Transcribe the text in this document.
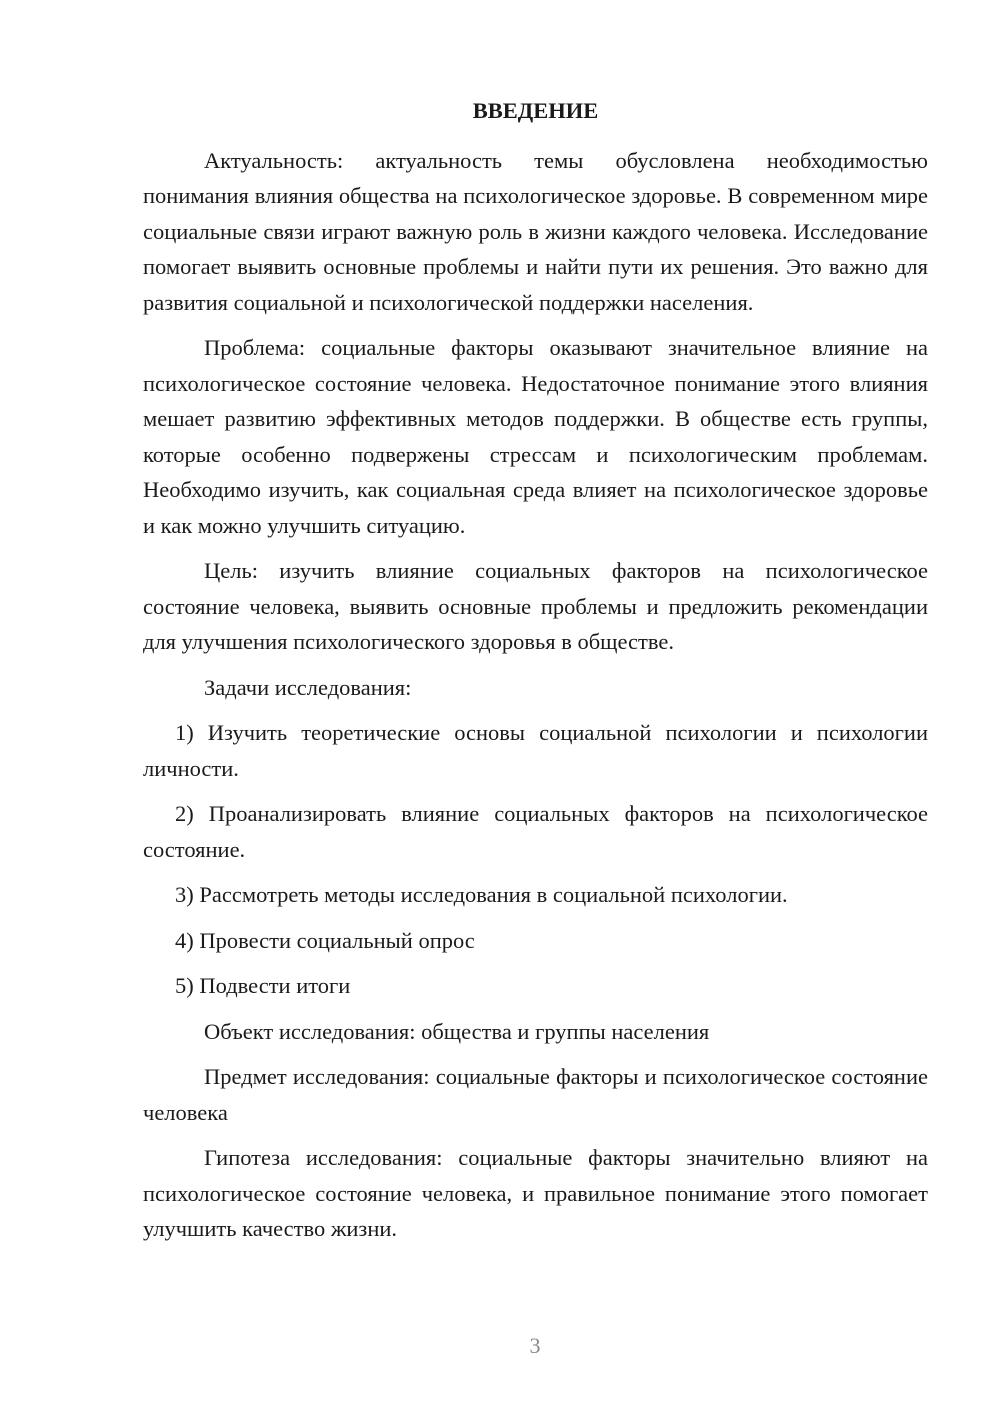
ВВЕДЕНИЕ

Актуальность: актуальность темы обусловлена необходимостью понимания влияния общества на психологическое здоровье. В современном мире социальные связи играют важную роль в жизни каждого человека. Исследование помогает выявить основные проблемы и найти пути их решения. Это важно для развития социальной и психологической поддержки населения.

Проблема: социальные факторы оказывают значительное влияние на психологическое состояние человека. Недостаточное понимание этого влияния мешает развитию эффективных методов поддержки. В обществе есть группы, которые особенно подвержены стрессам и психологическим проблемам. Необходимо изучить, как социальная среда влияет на психологическое здоровье и как можно улучшить ситуацию.

Цель: изучить влияние социальных факторов на психологическое состояние человека, выявить основные проблемы и предложить рекомендации для улучшения психологического здоровья в обществе.

Задачи исследования:

1) Изучить теоретические основы социальной психологии и психологии личности.

2) Проанализировать влияние социальных факторов на психологическое состояние.

3) Рассмотреть методы исследования в социальной психологии.

4) Провести социальный опрос

5) Подвести итоги

Объект исследования: общества и группы населения

Предмет исследования: социальные факторы и психологическое состояние человека

Гипотеза исследования: социальные факторы значительно влияют на психологическое состояние человека, и правильное понимание этого помогает улучшить качество жизни.

3
